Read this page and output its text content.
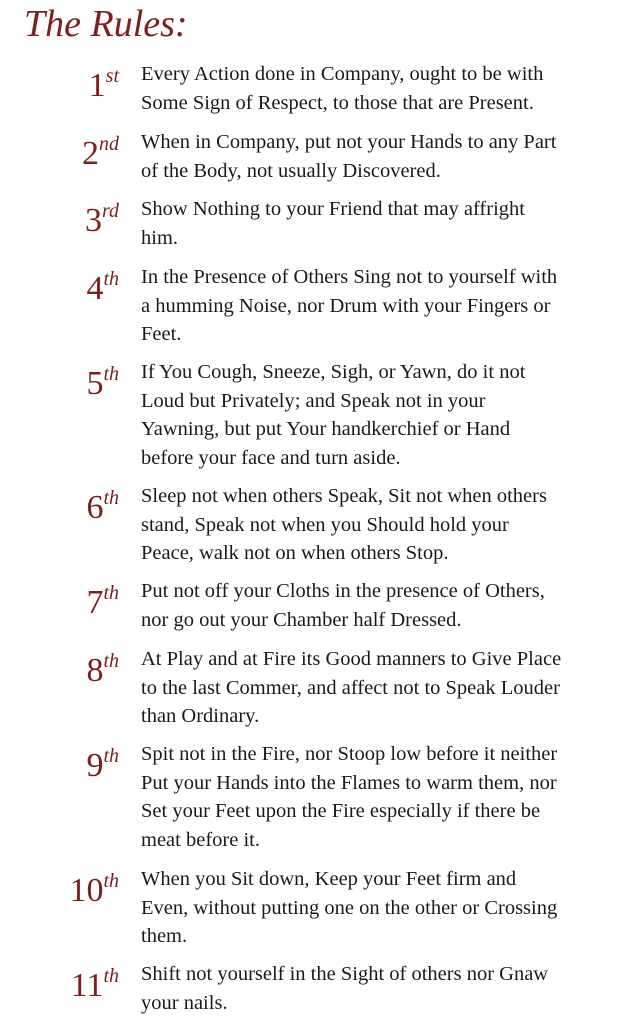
The Rules:
1st Every Action done in Company, ought to be with
Some Sign of Respect, to those that are Present.
2nd When in Company, put not your Hands to any Part
of the Body, not usually Discovered.
3rd Show Nothing to your Friend that may affright
him.
4th In the Presence of Others Sing not to yourself with
a humming Noise, nor Drum with your Fingers or
Feet.
5th If You Cough, Sneeze, Sigh, or Yawn, do it not
Loud but Privately; and Speak not in your
Yawning, but put Your handkerchief or Hand
before your face and turn aside.
6th Sleep not when others Speak, Sit not when others
stand, Speak not when you Should hold your
Peace, walk not on when others Stop.
7th Put not off your Cloths in the presence of Others,
nor go out your Chamber half Dressed.
8th At Play and at Fire its Good manners to Give Place
to the last Commer, and affect not to Speak Louder
than Ordinary.
9th Spit not in the Fire, nor Stoop low before it neither
Put your Hands into the Flames to warm them, nor
Set your Feet upon the Fire especially if there be
meat before it.
10th When you Sit down, Keep your Feet firm and
Even, without putting one on the other or Crossing
them.
11th Shift not yourself in the Sight of others nor Gnaw
your nails.
